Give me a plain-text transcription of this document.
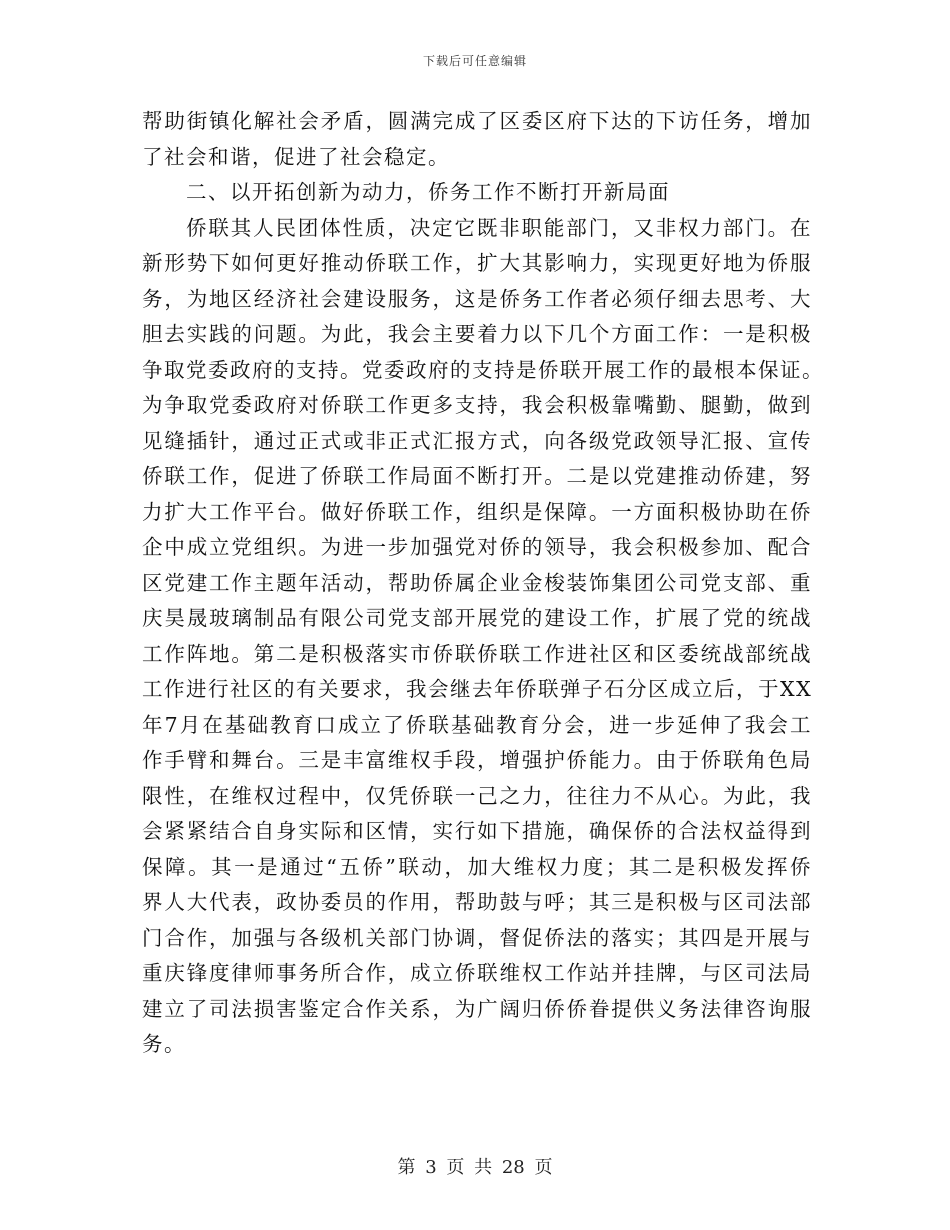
下载后可任意编辑
帮助街镇化解社会矛盾，圆满完成了区委区府下达的下访任务，增加
了社会和谐，促进了社会稳定。
二、以开拓创新为动力，侨务工作不断打开新局面
侨联其人民团体性质，决定它既非职能部门，又非权力部门。在
新形势下如何更好推动侨联工作，扩大其影响力，实现更好地为侨服
务，为地区经济社会建设服务，这是侨务工作者必须仔细去思考、大
胆去实践的问题。为此，我会主要着力以下几个方面工作：一是积极
争取党委政府的支持。党委政府的支持是侨联开展工作的最根本保证。
为争取党委政府对侨联工作更多支持，我会积极靠嘴勤、腿勤，做到
见缝插针，通过正式或非正式汇报方式，向各级党政领导汇报、宣传
侨联工作，促进了侨联工作局面不断打开。二是以党建推动侨建，努
力扩大工作平台。做好侨联工作，组织是保障。一方面积极协助在侨
企中成立党组织。为进一步加强党对侨的领导，我会积极参加、配合
区党建工作主题年活动，帮助侨属企业金梭装饰集团公司党支部、重
庆昊晟玻璃制品有限公司党支部开展党的建设工作，扩展了党的统战
工作阵地。第二是积极落实市侨联侨联工作进社区和区委统战部统战
工作进行社区的有关要求，我会继去年侨联弹子石分区成立后，于XX
年7月在基础教育口成立了侨联基础教育分会，进一步延伸了我会工
作手臂和舞台。三是丰富维权手段，增强护侨能力。由于侨联角色局
限性，在维权过程中，仅凭侨联一己之力，往往力不从心。为此，我
会紧紧结合自身实际和区情，实行如下措施，确保侨的合法权益得到
保障。其一是通过“五侨”联动，加大维权力度；其二是积极发挥侨
界人大代表，政协委员的作用，帮助鼓与呼；其三是积极与区司法部
门合作，加强与各级机关部门协调，督促侨法的落实；其四是开展与
重庆锋度律师事务所合作，成立侨联维权工作站并挂牌，与区司法局
建立了司法损害鉴定合作关系，为广阔归侨侨眷提供义务法律咨询服
务。
第 3 页 共 28 页
